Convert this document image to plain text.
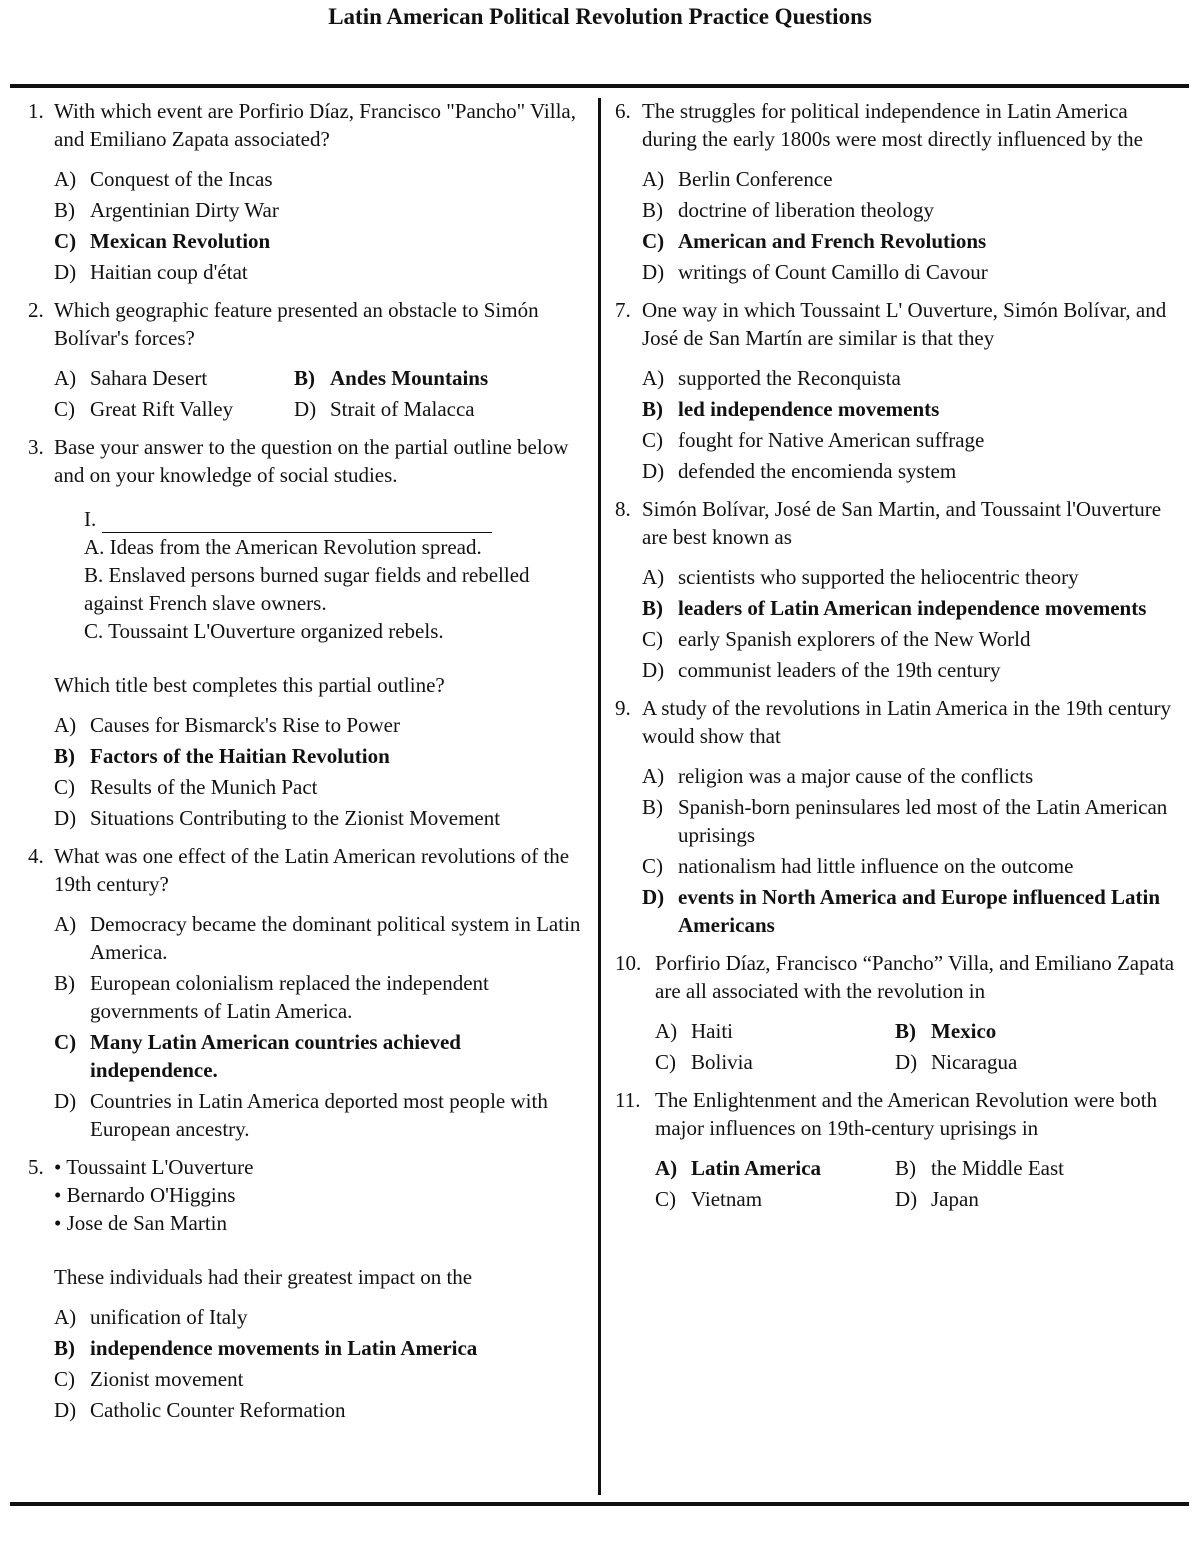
Latin American Political Revolution Practice Questions
1. With which event are Porfirio Díaz, Francisco "Pancho" Villa, and Emiliano Zapata associated?
A) Conquest of the Incas
B) Argentinian Dirty War
C) Mexican Revolution
D) Haitian coup d'état
2. Which geographic feature presented an obstacle to Simón Bolívar's forces?
A) Sahara Desert	B) Andes Mountains
C) Great Rift Valley	D) Strait of Malacca
3. Base your answer to the question on the partial outline below and on your knowledge of social studies.
I.
A. Ideas from the American Revolution spread.
B. Enslaved persons burned sugar fields and rebelled against French slave owners.
C. Toussaint L'Ouverture organized rebels.
Which title best completes this partial outline?
A) Causes for Bismarck's Rise to Power
B) Factors of the Haitian Revolution
C) Results of the Munich Pact
D) Situations Contributing to the Zionist Movement
4. What was one effect of the Latin American revolutions of the 19th century?
A) Democracy became the dominant political system in Latin America.
B) European colonialism replaced the independent governments of Latin America.
C) Many Latin American countries achieved independence.
D) Countries in Latin America deported most people with European ancestry.
5. • Toussaint L'Ouverture
• Bernardo O'Higgins
• Jose de San Martin
These individuals had their greatest impact on the
A) unification of Italy
B) independence movements in Latin America
C) Zionist movement
D) Catholic Counter Reformation
6. The struggles for political independence in Latin America during the early 1800s were most directly influenced by the
A) Berlin Conference
B) doctrine of liberation theology
C) American and French Revolutions
D) writings of Count Camillo di Cavour
7. One way in which Toussaint L' Ouverture, Simón Bolívar, and José de San Martín are similar is that they
A) supported the Reconquista
B) led independence movements
C) fought for Native American suffrage
D) defended the encomienda system
8. Simón Bolívar, José de San Martin, and Toussaint l'Ouverture are best known as
A) scientists who supported the heliocentric theory
B) leaders of Latin American independence movements
C) early Spanish explorers of the New World
D) communist leaders of the 19th century
9. A study of the revolutions in Latin America in the 19th century would show that
A) religion was a major cause of the conflicts
B) Spanish-born peninsulares led most of the Latin American uprisings
C) nationalism had little influence on the outcome
D) events in North America and Europe influenced Latin Americans
10. Porfirio Díaz, Francisco “Pancho” Villa, and Emiliano Zapata are all associated with the revolution in
A) Haiti	B) Mexico
C) Bolivia	D) Nicaragua
11. The Enlightenment and the American Revolution were both major influences on 19th-century uprisings in
A) Latin America	B) the Middle East
C) Vietnam	D) Japan
